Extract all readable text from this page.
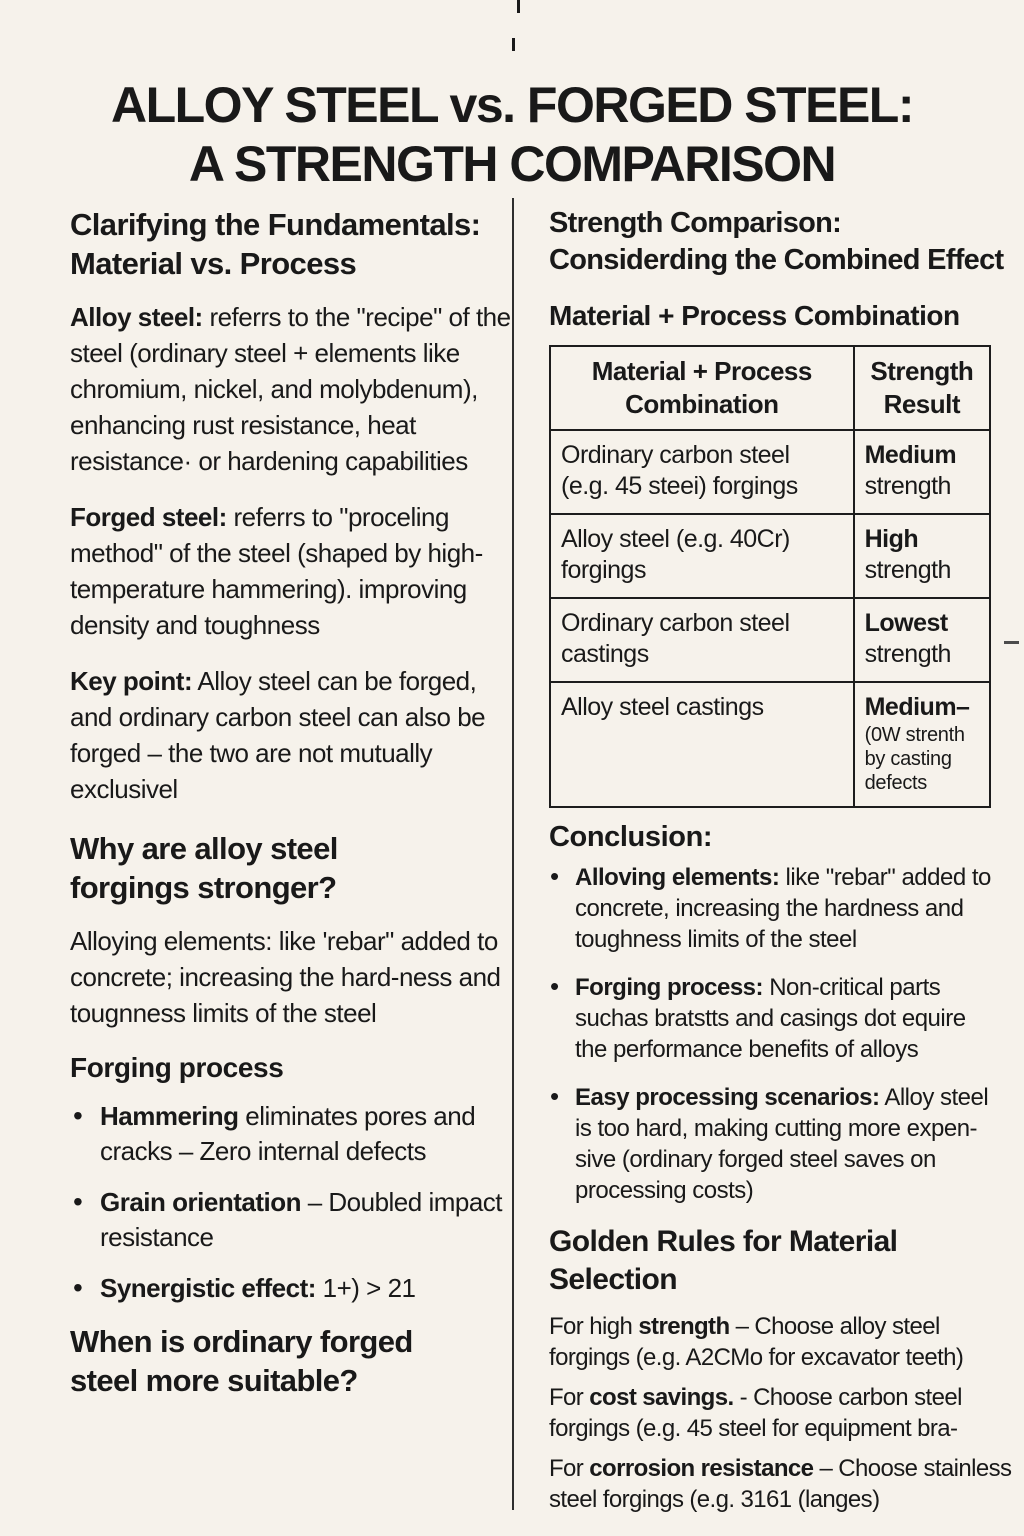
ALLOY STEEL vs. FORGED STEEL:
A STRENGTH COMPARISON
Clarifying the Fundamentals:
Material vs. Process

Alloy steel: referrs to the "recipe" of the steel (ordinary steel + elements like chromium, nickel, and molybdenum), enhancing rust resistance, heat resistance· or hardening capabilities

Forged steel: referrs to "proceling method" of the steel (shaped by high-temperature hammering). improving density and toughness

Key point: Alloy steel can be forged, and ordinary carbon steel can also be forged – the two are not mutually exclusivel

Why are alloy steel
forgings stronger?

Alloying elements: like 'rebar" added to concrete; increasing the hard-ness and tougnness limits of the steel

Forging process
• Hammering eliminates pores and cracks – Zero internal defects
• Grain orientation – Doubled impact resistance
• Synergistic effect: 1+) > 21
When is ordinary forged
steel more suitable?
Strength Comparison:
Considerding the Combined Effect
Material + Process Combination
Material + Process Combination	Strength Result
Ordinary carbon steel (e.g. 45 steei) forgings	Medium
strength

Alloy steel (e.g. 40Cr) forgings	High
strength

Ordinary carbon steel castings	Lowest
strength

Alloy steel castings	Medium–
(0W strenth by casting defects
Conclusion:
• Alloving elements: like "rebar" added to concrete, increasing the hardness and toughness limits of the steel
• Forging process: Non-critical parts suchas bratstts and casings dot equire the performance benefits of alloys
• Easy processing scenarios: Alloy steel is too hard, making cutting more expen-sive (ordinary forged steel saves on processing costs)
Golden Rules for Material
Selection

For high strength – Choose alloy steel forgings (e.g. A2CMo for excavator teeth)

For cost savings. - Choose carbon steel forgings (e.g. 45 steel for equipment bra-

For corrosion resistance – Choose stainless steel forgings (e.g. 3161 (langes)
